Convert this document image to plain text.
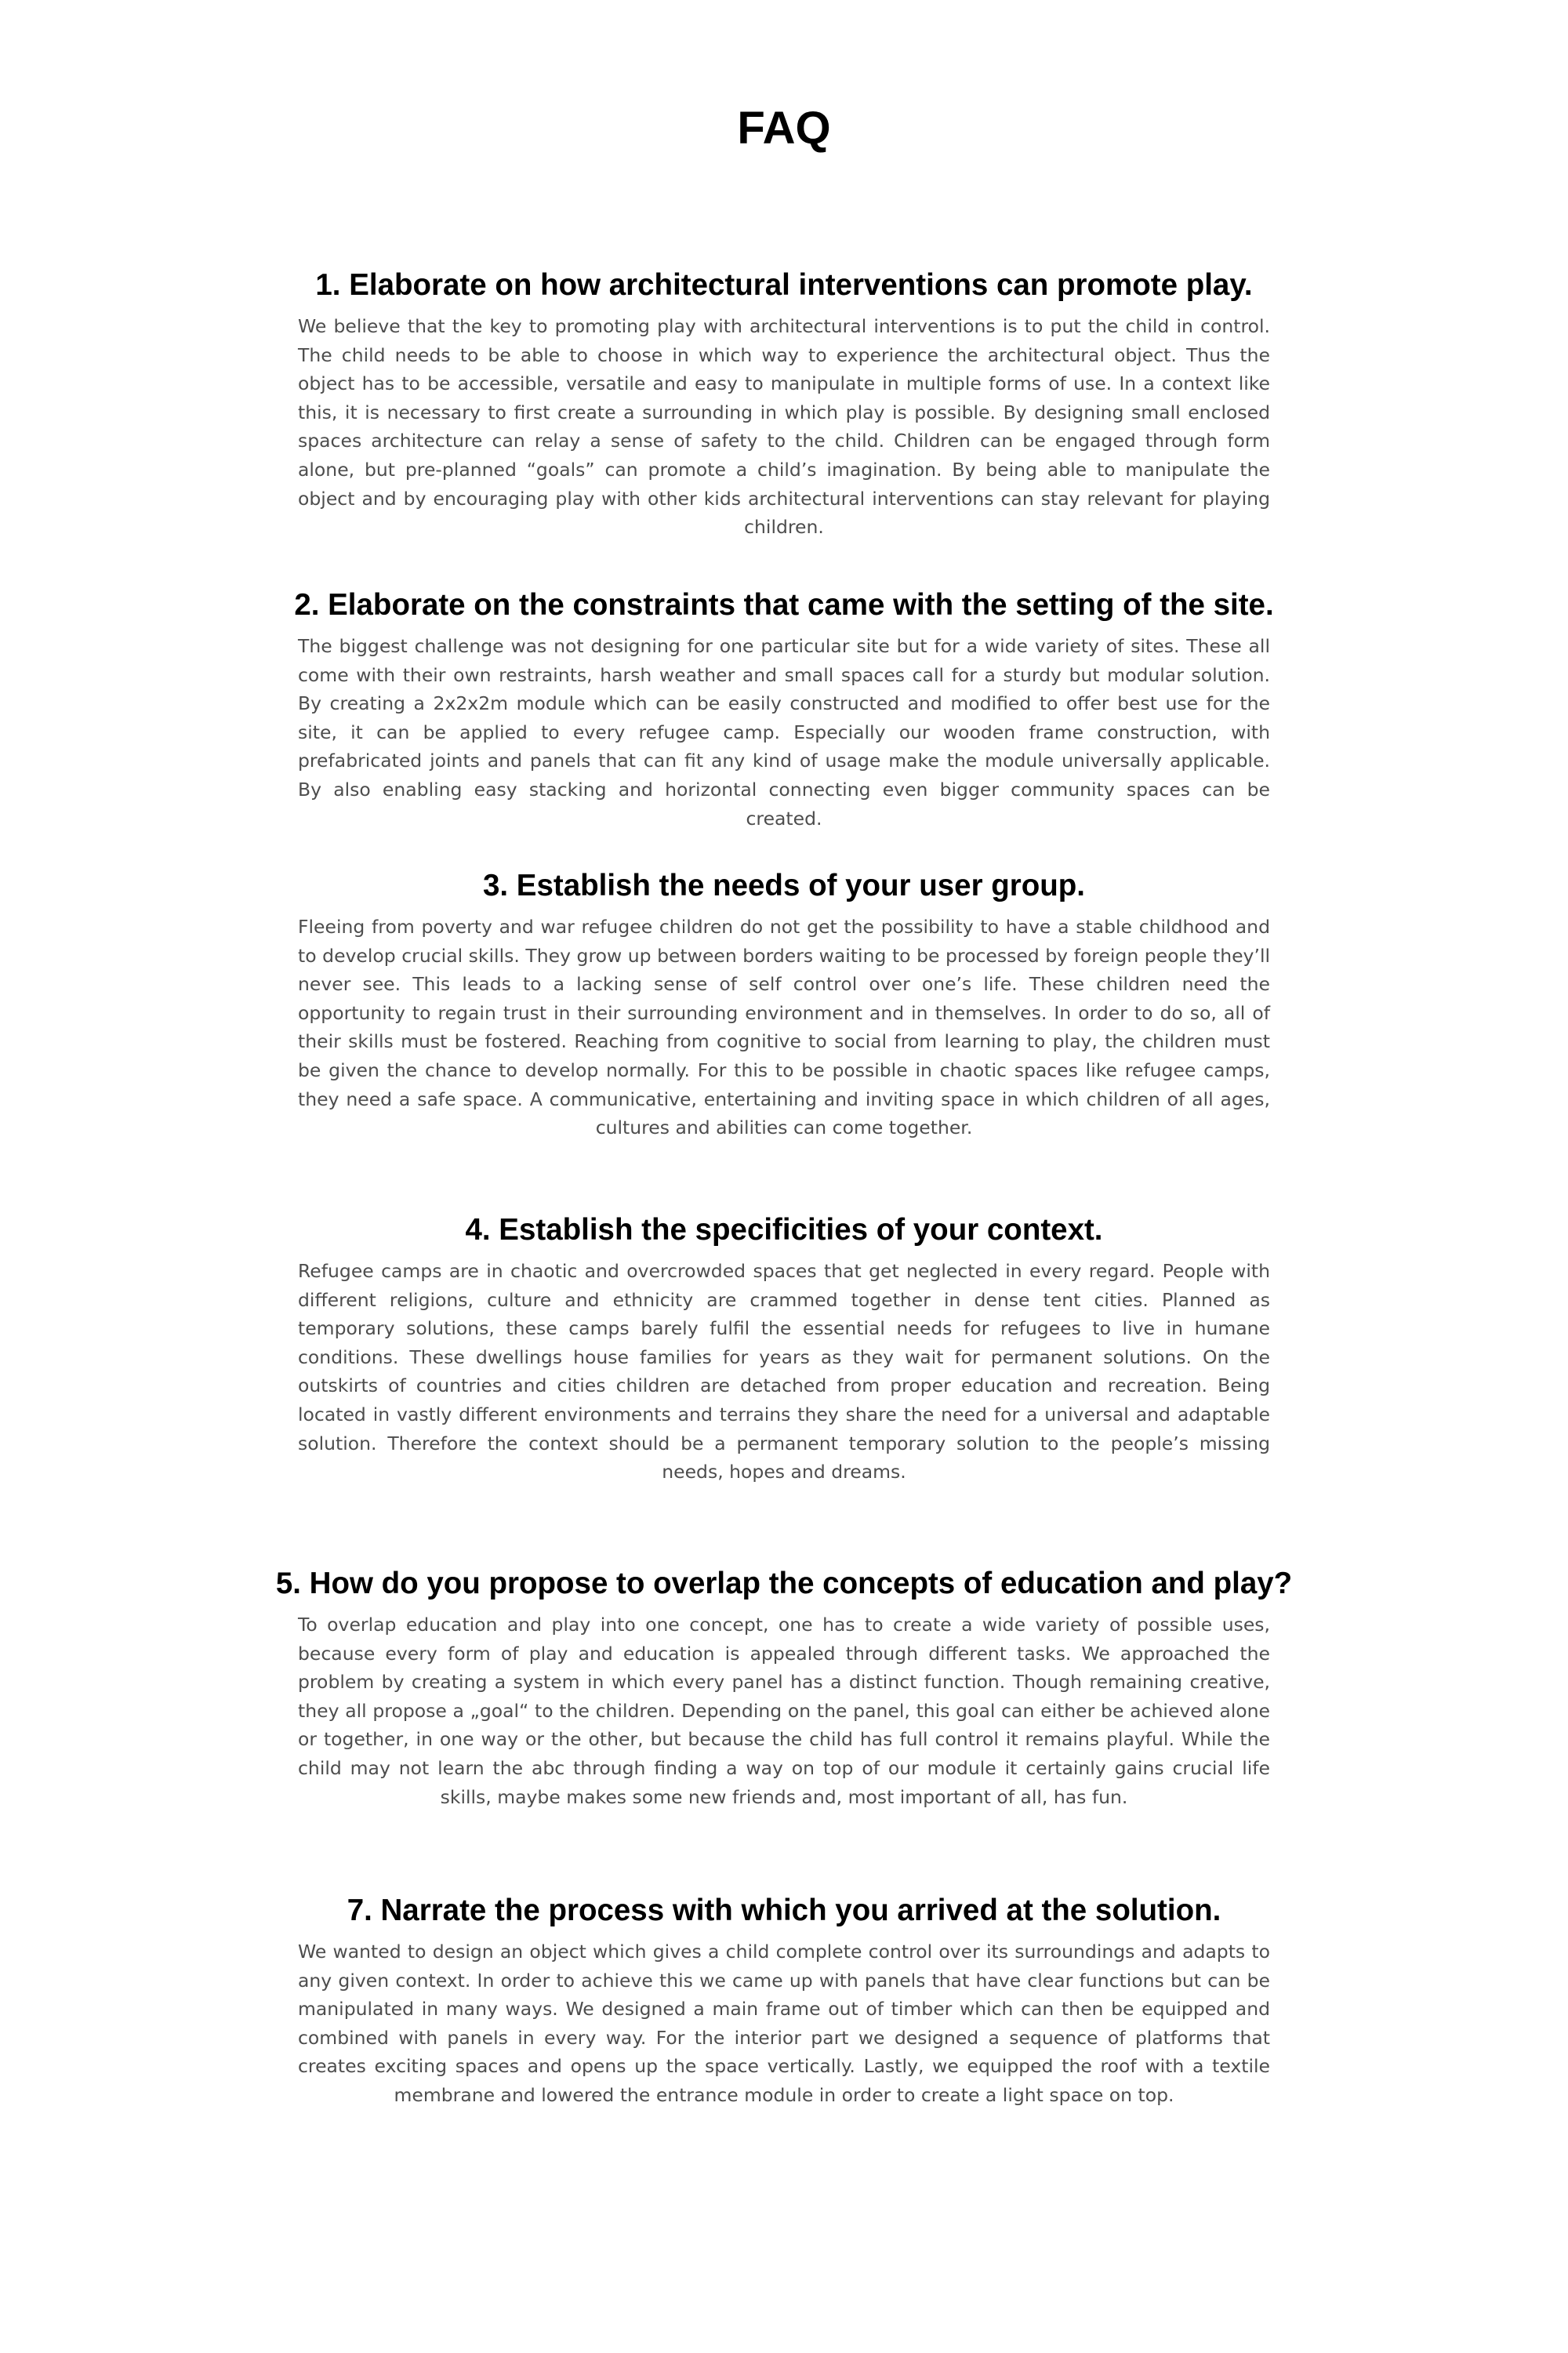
FAQ
1. Elaborate on how architectural interventions can promote play.

We believe that the key to promoting play with architectural interventions is to put the child in control. The child needs to be able to choose in which way to experience the architectural object. Thus the object has to be accessible, versatile and easy to manipulate in multiple forms of use. In a context like this, it is necessary to first create a surrounding in which play is possible. By designing small enclosed spaces architecture can relay a sense of safety to the child. Children can be engaged through form alone, but pre-planned “goals” can promote a child’s imagination. By being able to manipulate the object and by encouraging play with other kids architectural interventions can stay relevant for playing children.

2. Elaborate on the constraints that came with the setting of the site.

The biggest challenge was not designing for one particular site but for a wide variety of sites. These all come with their own restraints, harsh weather and small spaces call for a sturdy but modular solution. By creating a 2x2x2m module which can be easily constructed and modified to offer best use for the site, it can be applied to every refugee camp. Especially our wooden frame construction, with prefabricated joints and panels that can fit any kind of usage make the module universally applicable. By also enabling easy stacking and horizontal connecting even bigger community spaces can be created.

3. Establish the needs of your user group.

Fleeing from poverty and war refugee children do not get the possibility to have a stable childhood and to develop crucial skills. They grow up between borders waiting to be processed by foreign people they’ll never see. This leads to a lacking sense of self control over one’s life. These children need the opportunity to regain trust in their surrounding environment and in themselves. In order to do so, all of their skills must be fostered. Reaching from cognitive to social from learning to play, the children must be given the chance to develop normally. For this to be possible in chaotic spaces like refugee camps, they need a safe space. A communicative, entertaining and inviting space in which children of all ages, cultures and abilities can come together.

4. Establish the specificities of your context.

Refugee camps are in chaotic and overcrowded spaces that get neglected in every regard. People with different religions, culture and ethnicity are crammed together in dense tent cities. Planned as temporary solutions, these camps barely fulfil the essential needs for refugees to live in humane conditions. These dwellings house families for years as they wait for permanent solutions. On the outskirts of countries and cities children are detached from proper education and recreation. Being located in vastly different environments and terrains they share the need for a universal and adaptable solution. Therefore the context should be a permanent temporary solution to the people’s missing needs, hopes and dreams.

5. How do you propose to overlap the concepts of education and play?

To overlap education and play into one concept, one has to create a wide variety of possible uses, because every form of play and education is appealed through different tasks. We approached the problem by creating a system in which every panel has a distinct function. Though remaining creative, they all propose a „goal“ to the children. Depending on the panel, this goal can either be achieved alone or together, in one way or the other, but because the child has full control it remains playful. While the child may not learn the abc through finding a way on top of our module it certainly gains crucial life skills, maybe makes some new friends and, most important of all, has fun.

7. Narrate the process with which you arrived at the solution.

We wanted to design an object which gives a child complete control over its surroundings and adapts to any given context. In order to achieve this we came up with panels that have clear functions but can be manipulated in many ways. We designed a main frame out of timber which can then be equipped and combined with panels in every way. For the interior part we designed a sequence of platforms that creates exciting spaces and opens up the space vertically. Lastly, we equipped the roof with a textile membrane and lowered the entrance module in order to create a light space on top.
